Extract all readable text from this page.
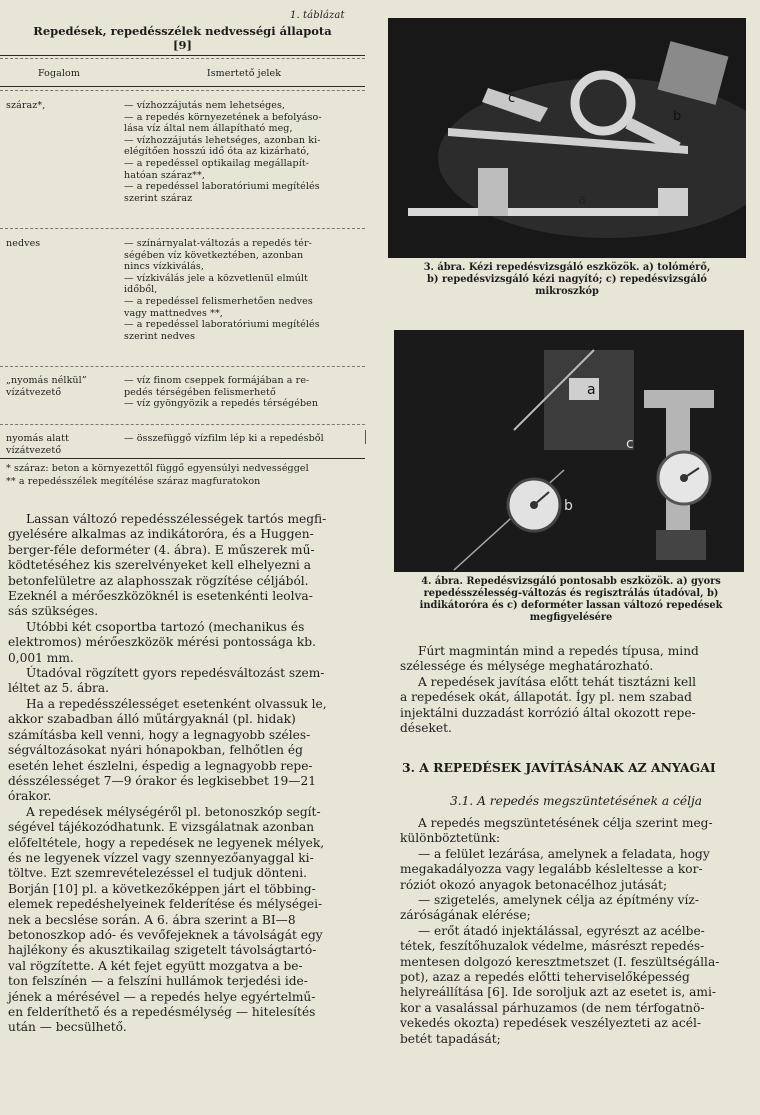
1. táblázat
Repedések, repedésszélek nedvességi állapota
[9]
Fogalom	Ismertető jelek
száraz*,	— vízhozzájutás nem lehetséges,
— a repedés környezetének a befolyáso-
lása víz által nem állapítható meg,
— vízhozzájutás lehetséges, azonban ki-
elégítően hosszú idő óta az kizárható,
— a repedéssel optikailag megállapít-
hatóan száraz**,
— a repedéssel laboratóriumi megítélés
szerint száraz
nedves	— színárnyalat-változás a repedés tér-
ségében víz következtében, azonban
nincs vízkiválás,
— vízkiválás jele a közvetlenül elmúlt
időből,
— a repedéssel felismerhetően nedves
vagy mattnedves **,
— a repedéssel laboratóriumi megítélés
szerint nedves
„nyomás nélkül”
vízátvezető
— víz finom cseppek formájában a re-
pedés térségében felismerhető
— víz gyöngyözik a repedés térségében
nyomás alatt
vízátvezető
— összefüggő vízfilm lép ki a repedésből
* száraz: beton a környezettől függő egyensúlyi nedvességgel
** a repedésszélek megítélése száraz magfuratokon
Lassan változó repedésszélességek tartós megfi-
gyelésére alkalmas az indikátoróra, és a Huggen-
berger-féle deforméter (4. ábra). E műszerek mű-
ködtetéséhez kis szerelvényeket kell elhelyezni a
betonfelületre az alaphosszak rögzítése céljából.
Ezeknél a mérőeszközöknél is esetenkénti leolva-
sás szükséges.
Utóbbi két csoportba tartozó (mechanikus és
elektromos) mérőeszközök mérési pontossága kb.
0,001 mm.
Útadóval rögzített gyors repedésváltozást szem-
léltet az 5. ábra.
Ha a repedésszélességet esetenként olvassuk le,
akkor szabadban álló műtárgyaknál (pl. hidak)
számításba kell venni, hogy a legnagyobb széles-
ségváltozásokat nyári hónapokban, felhőtlen ég
esetén lehet észlelni, éspedig a legnagyobb repe-
désszélességet 7—9 órakor és legkisebbet 19—21
órakor.
A repedések mélységéről pl. betonoszkóp segít-
ségével tájékozódhatunk. E vizsgálatnak azonban
előfeltétele, hogy a repedések ne legyenek mélyek,
és ne legyenek vízzel vagy szennyezőanyaggal ki-
töltve. Ezt szemrevételezéssel el tudjuk dönteni.
Borján [10] pl. a következőképpen járt el többing-
elemek repedéshelyeinek felderítése és mélységei-
nek a becslése során. A 6. ábra szerint a BI—8
betonoszkop adó- és vevőfejeknek a távolságát egy
hajlékony és akusztikailag szigetelt távolságtartó-
val rögzítette. A két fejet együtt mozgatva a be-
ton felszínén — a felszíni hullámok terjedési ide-
jének a mérésével — a repedés helye egyértelmű-
en felderíthető és a repedésmélység — hitelesítés
után — becsülhető.
a
b
c
3. ábra. Kézi repedésvizsgáló eszközök. a) tolómérő,
b) repedésvizsgáló kézi nagyító; c) repedésvizsgáló
mikroszkóp
a
b
c
4. ábra. Repedésvizsgáló pontosabb eszközök. a) gyors
repedésszélesség-változás és regisztrálás útadóval, b)
indikátoróra és c) deforméter lassan változó repedések
megfigyelésére
Fúrt magmintán mind a repedés típusa, mind
szélessége és mélysége meghatározható.
A repedések javítása előtt tehát tisztázni kell
a repedések okát, állapotát. Így pl. nem szabad
injektálni duzzadást korrózió által okozott repe-
déseket.
3. A REPEDÉSEK JAVÍTÁSÁNAK AZ ANYAGAI
3.1. A repedés megszüntetésének a célja
A repedés megszüntetésének célja szerint meg-
különböztetünk:
— a felület lezárása, amelynek a feladata, hogy
megakadályozza vagy legalább késleltesse a kor-
róziót okozó anyagok betonacélhoz jutását;
— szigetelés, amelynek célja az építmény víz-
záróságának elérése;
— erőt átadó injektálással, egyrészt az acélbe-
tétek, feszítőhuzalok védelme, másrészt repedés-
mentesen dolgozó keresztmetszet (I. feszültségálla-
pot), azaz a repedés előtti teherviselőképesség
helyreállítása [6]. Ide soroljuk azt az esetet is, ami-
kor a vasalással párhuzamos (de nem térfogatnö-
vekedés okozta) repedések veszélyezteti az acél-
betét tapadását;
